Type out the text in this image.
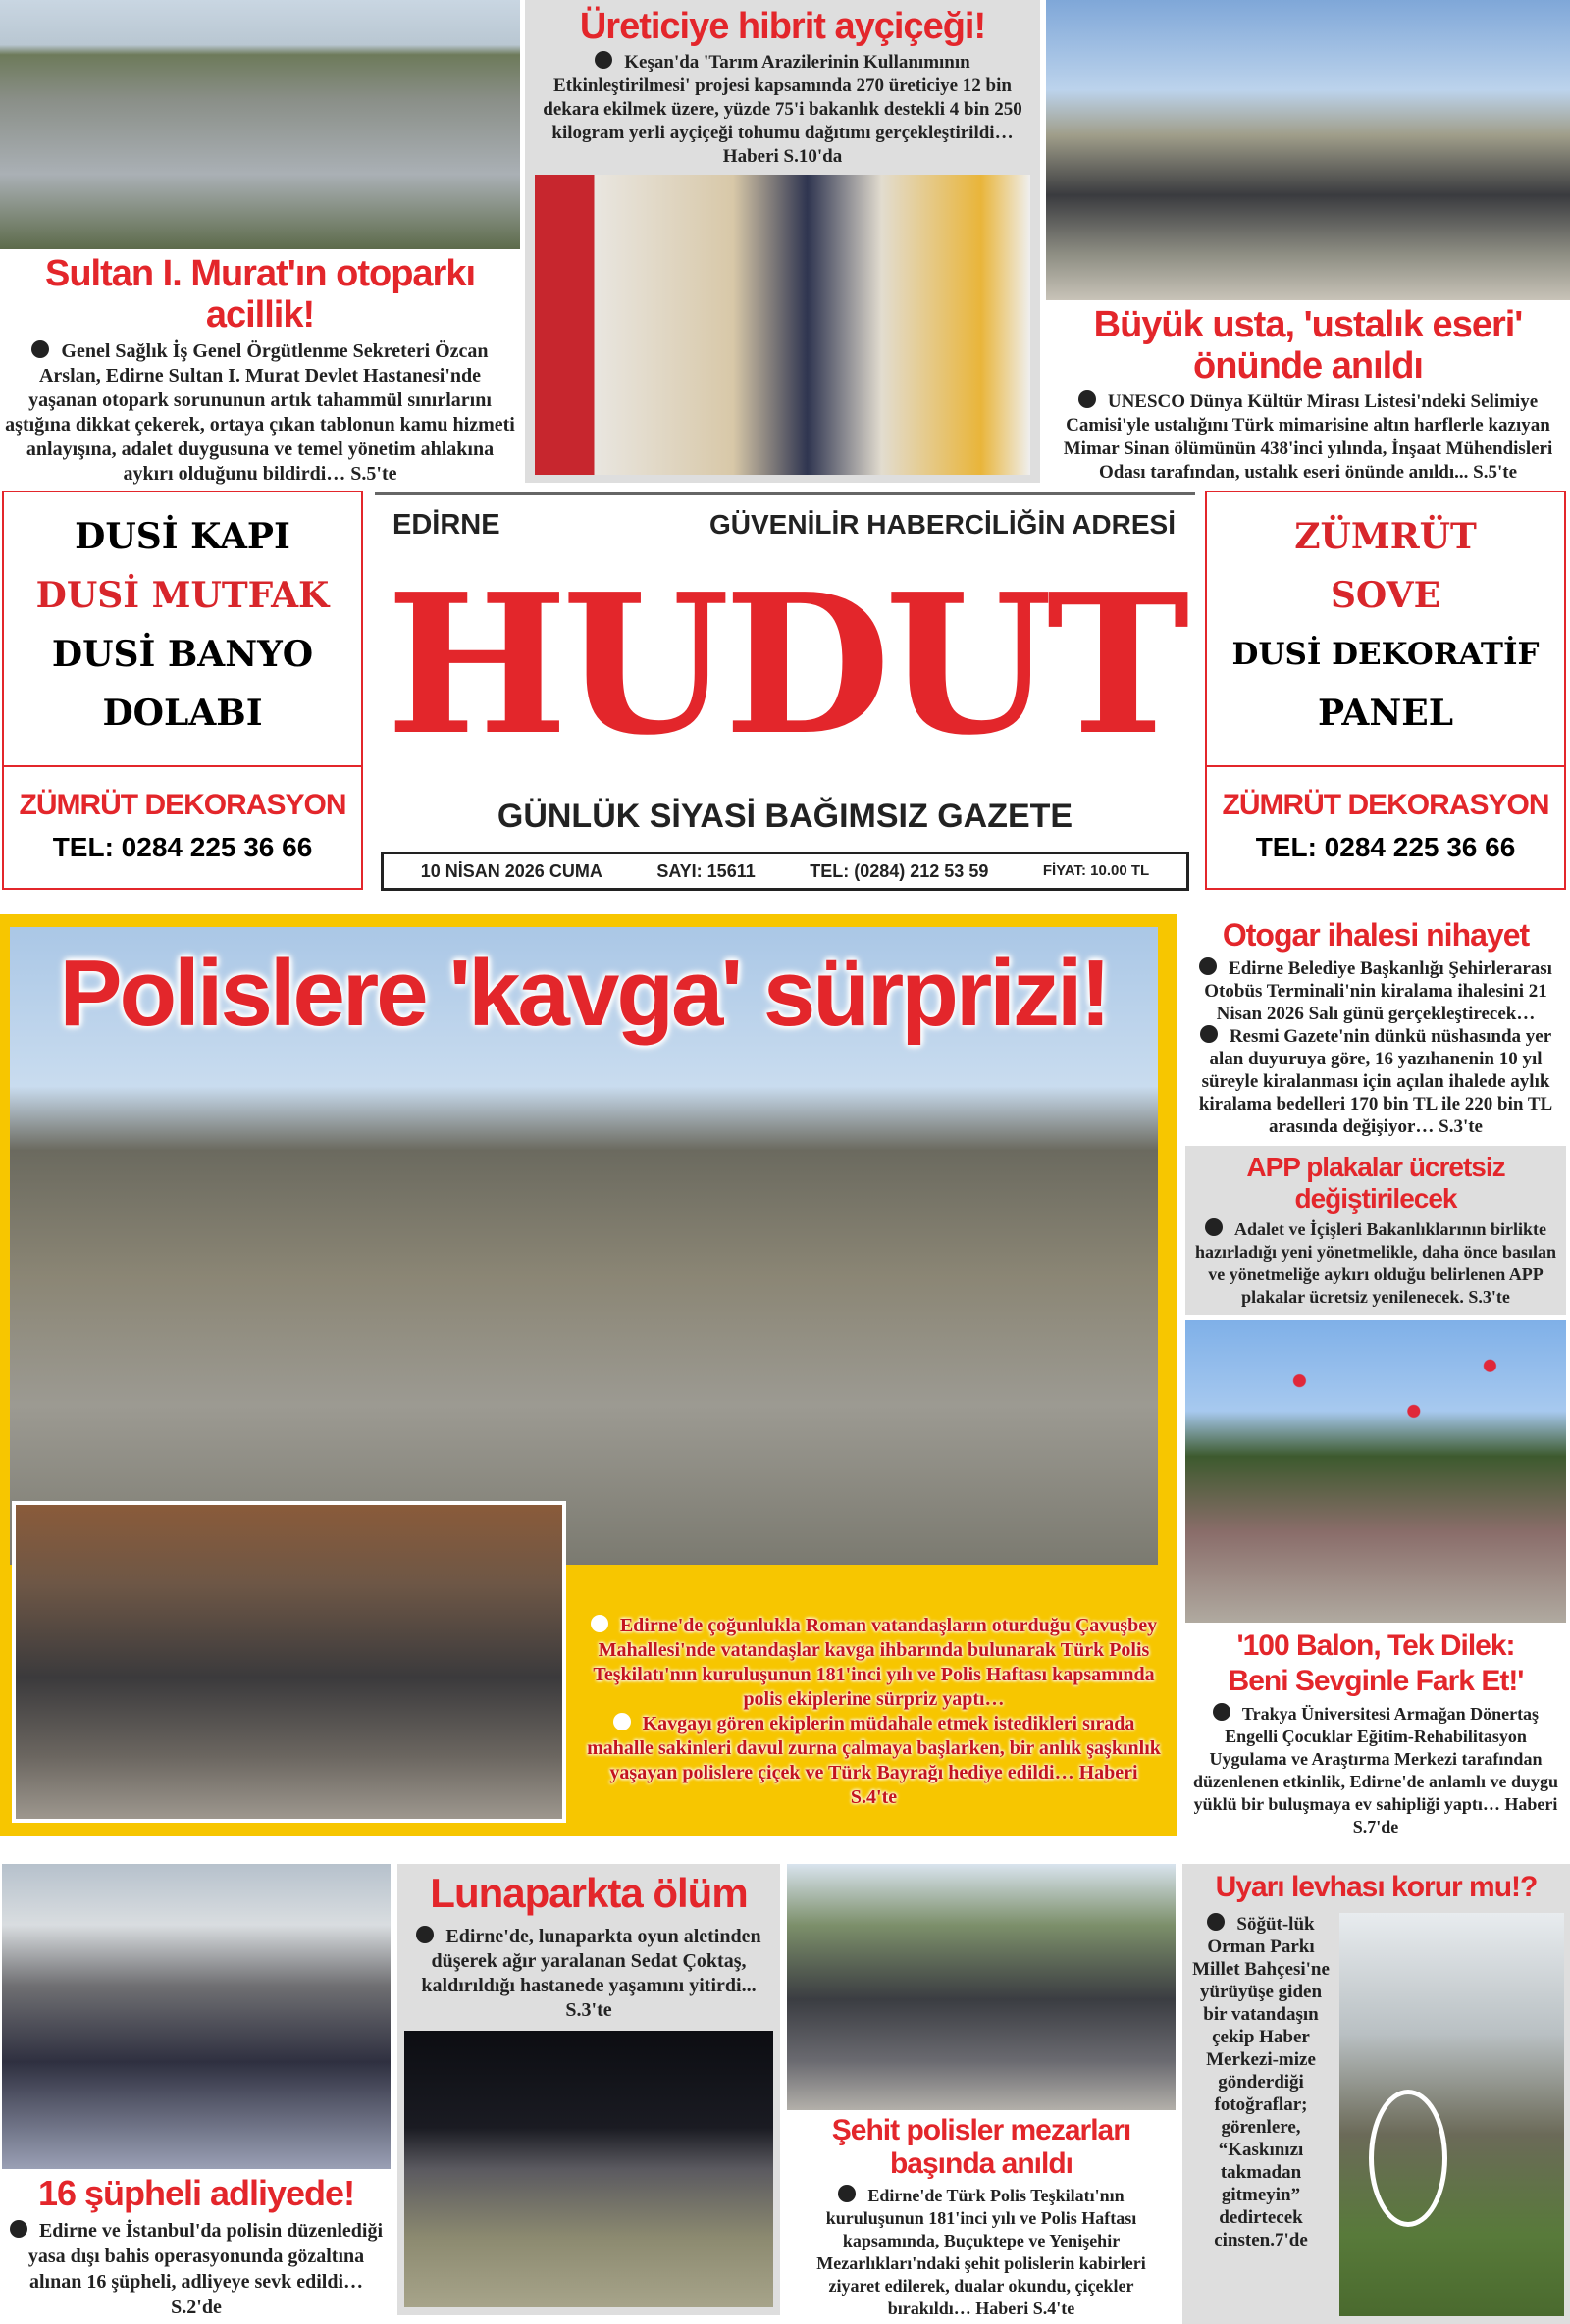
Sultan I. Murat'ın otoparkı acillik!
Genel Sağlık İş Genel Örgütlenme Sekreteri Özcan Arslan, Edirne Sultan I. Murat Devlet Hastanesi'nde yaşanan otopark sorununun artık tahammül sınırlarını aştığına dikkat çekerek, ortaya çıkan tablonun kamu hizmeti anlayışına, adalet duygusuna ve temel yönetim ahlakına aykırı olduğunu bildirdi… S.5'te
Üreticiye hibrit ayçiçeği!
Keşan'da 'Tarım Arazilerinin Kullanımının Etkinleştirilmesi' projesi kapsamında 270 üreticiye 12 bin dekara ekilmek üzere, yüzde 75'i bakanlık destekli 4 bin 250 kilogram yerli ayçiçeği tohumu dağıtımı gerçekleştirildi… Haberi S.10'da
Büyük usta, 'ustalık eseri' önünde anıldı
UNESCO Dünya Kültür Mirası Listesi'ndeki Selimiye Camisi'yle ustalığını Türk mimarisine altın harflerle kazıyan Mimar Sinan ölümünün 438'inci yılında, İnşaat Mühendisleri Odası tarafından, ustalık eseri önünde anıldı... S.5'te
DUSİ KAPI
DUSİ MUTFAK
DUSİ BANYO
DOLABI
ZÜMRÜT DEKORASYON
TEL: 0284 225 36 66
EDİRNE	GÜVENİLİR HABERCİLİĞİN ADRESİ
HUDUT
GÜNLÜK SİYASİ BAĞIMSIZ GAZETE
10 NİSAN 2026 CUMA	SAYI: 15611	TEL: (0284) 212 53 59	FİYAT: 10.00 TL
ZÜMRÜT
SOVE
DUSİ DEKORATİF
PANEL
ZÜMRÜT DEKORASYON
TEL: 0284 225 36 66
Polislere 'kavga' sürprizi!

Edirne'de çoğunlukla Roman vatandaşların oturduğu Çavuşbey Mahallesi'nde vatandaşlar kavga ihbarında bulunarak Türk Polis Teşkilatı'nın kuruluşunun 181'inci yılı ve Polis Haftası kapsamında polis ekiplerine sürpriz yaptı…

Kavgayı gören ekiplerin müdahale etmek istedikleri sırada mahalle sakinleri davul zurna çalmaya başlarken, bir anlık şaşkınlık yaşayan polislere çiçek ve Türk Bayrağı hediye edildi… Haberi S.4'te

Otogar ihalesi nihayet

Edirne Belediye Başkanlığı Şehirlerarası Otobüs Terminali'nin kiralama ihalesini 21 Nisan 2026 Salı günü gerçekleştirecek…

Resmi Gazete'nin dünkü nüshasında yer alan duyuruya göre, 16 yazıhanenin 10 yıl süreyle kiralanması için açılan ihalede aylık kiralama bedelleri 170 bin TL ile 220 bin TL arasında değişiyor… S.3'te

APP plakalar ücretsiz değiştirilecek
Adalet ve İçişleri Bakanlıklarının birlikte hazırladığı yeni yönetmelikle, daha önce basılan ve yönetmeliğe aykırı olduğu belirlenen APP plakalar ücretsiz yenilenecek. S.3'te
'100 Balon, Tek Dilek:
Beni Sevginle Fark Et!'
Trakya Üniversitesi Armağan Dönertaş Engelli Çocuklar Eğitim-Rehabilitasyon Uygulama ve Araştırma Merkezi tarafından düzenlenen etkinlik, Edirne'de anlamlı ve duygu yüklü bir buluşmaya ev sahipliği yaptı… Haberi S.7'de
16 şüpheli adliyede!
Edirne ve İstanbul'da polisin düzenlediği yasa dışı bahis operasyonunda gözaltına alınan 16 şüpheli, adliyeye sevk edildi… S.2'de
Lunaparkta ölüm
Edirne'de, lunaparkta oyun aletinden düşerek ağır yaralanan Sedat Çoktaş, kaldırıldığı hastanede yaşamını yitirdi... S.3'te
Şehit polisler mezarları başında anıldı
Edirne'de Türk Polis Teşkilatı'nın kuruluşunun 181'inci yılı ve Polis Haftası kapsamında, Buçuktepe ve Yenişehir Mezarlıkları'ndaki şehit polislerin kabirleri ziyaret edilerek, dualar okundu, çiçekler bırakıldı… Haberi S.4'te
Uyarı levhası korur mu!?
Söğüt-lük Orman Parkı Millet Bahçesi'ne yürüyüşe giden bir vatandaşın çekip Haber Merkezi-mize gönderdiği fotoğraflar; görenlere, “Kaskınızı takmadan gitmeyin” dedirtecek cinsten.7'de
